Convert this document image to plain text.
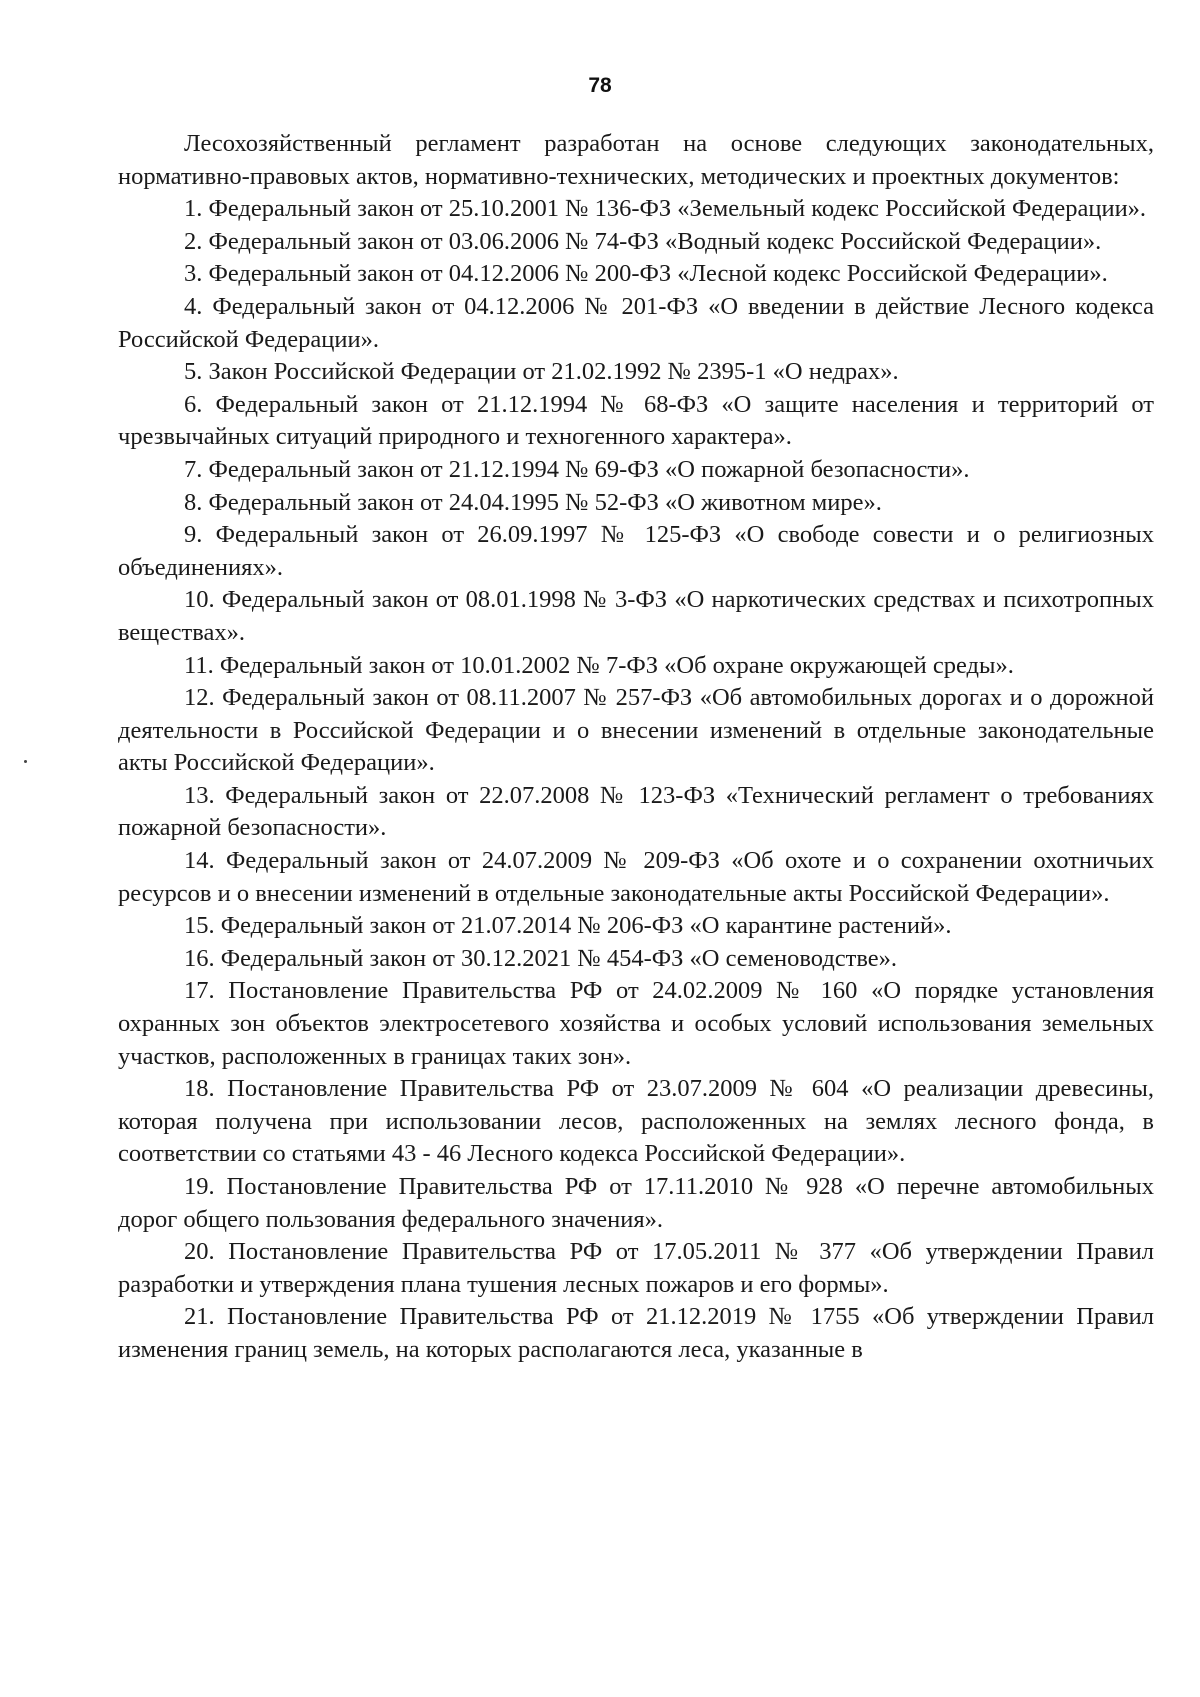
78

Лесохозяйственный регламент разработан на основе следующих законодательных, нормативно-правовых актов, нормативно-технических, методических и проектных документов:

1. Федеральный закон от 25.10.2001 № 136-ФЗ «Земельный кодекс Российской Федерации».

2. Федеральный закон от 03.06.2006 № 74-ФЗ «Водный кодекс Российской Федерации».

3. Федеральный закон от 04.12.2006 № 200-ФЗ «Лесной кодекс Российской Федерации».

4. Федеральный закон от 04.12.2006 № 201-ФЗ «О введении в действие Лесного кодекса Российской Федерации».

5. Закон Российской Федерации от 21.02.1992 № 2395-1 «О недрах».

6. Федеральный закон от 21.12.1994 № 68-ФЗ «О защите населения и территорий от чрезвычайных ситуаций природного и техногенного характера».

7. Федеральный закон от 21.12.1994 № 69-ФЗ «О пожарной безопасности».

8. Федеральный закон от 24.04.1995 № 52-ФЗ «О животном мире».

9. Федеральный закон от 26.09.1997 № 125-ФЗ «О свободе совести и о религиозных объединениях».

10. Федеральный закон от 08.01.1998 № 3-ФЗ «О наркотических средствах и психотропных веществах».

11. Федеральный закон от 10.01.2002 № 7-ФЗ «Об охране окружающей среды».

12. Федеральный закон от 08.11.2007 № 257-ФЗ «Об автомобильных дорогах и о дорожной деятельности в Российской Федерации и о внесении изменений в отдельные законодательные акты Российской Федерации».

13. Федеральный закон от 22.07.2008 № 123-ФЗ «Технический регламент о требованиях пожарной безопасности».

14. Федеральный закон от 24.07.2009 № 209-ФЗ «Об охоте и о сохранении охотничьих ресурсов и о внесении изменений в отдельные законодательные акты Российской Федерации».

15. Федеральный закон от 21.07.2014 № 206-ФЗ «О карантине растений».

16. Федеральный закон от 30.12.2021 № 454-ФЗ «О семеноводстве».

17. Постановление Правительства РФ от 24.02.2009 № 160 «О порядке установления охранных зон объектов электросетевого хозяйства и особых условий использования земельных участков, расположенных в границах таких зон».

18. Постановление Правительства РФ от 23.07.2009 № 604 «О реализации древесины, которая получена при использовании лесов, расположенных на землях лесного фонда, в соответствии со статьями 43 - 46 Лесного кодекса Российской Федерации».

19. Постановление Правительства РФ от 17.11.2010 № 928 «О перечне автомобильных дорог общего пользования федерального значения».

20. Постановление Правительства РФ от 17.05.2011 № 377 «Об утверждении Правил разработки и утверждения плана тушения лесных пожаров и его формы».

21. Постановление Правительства РФ от 21.12.2019 № 1755 «Об утверждении Правил изменения границ земель, на которых располагаются леса, указанные в
